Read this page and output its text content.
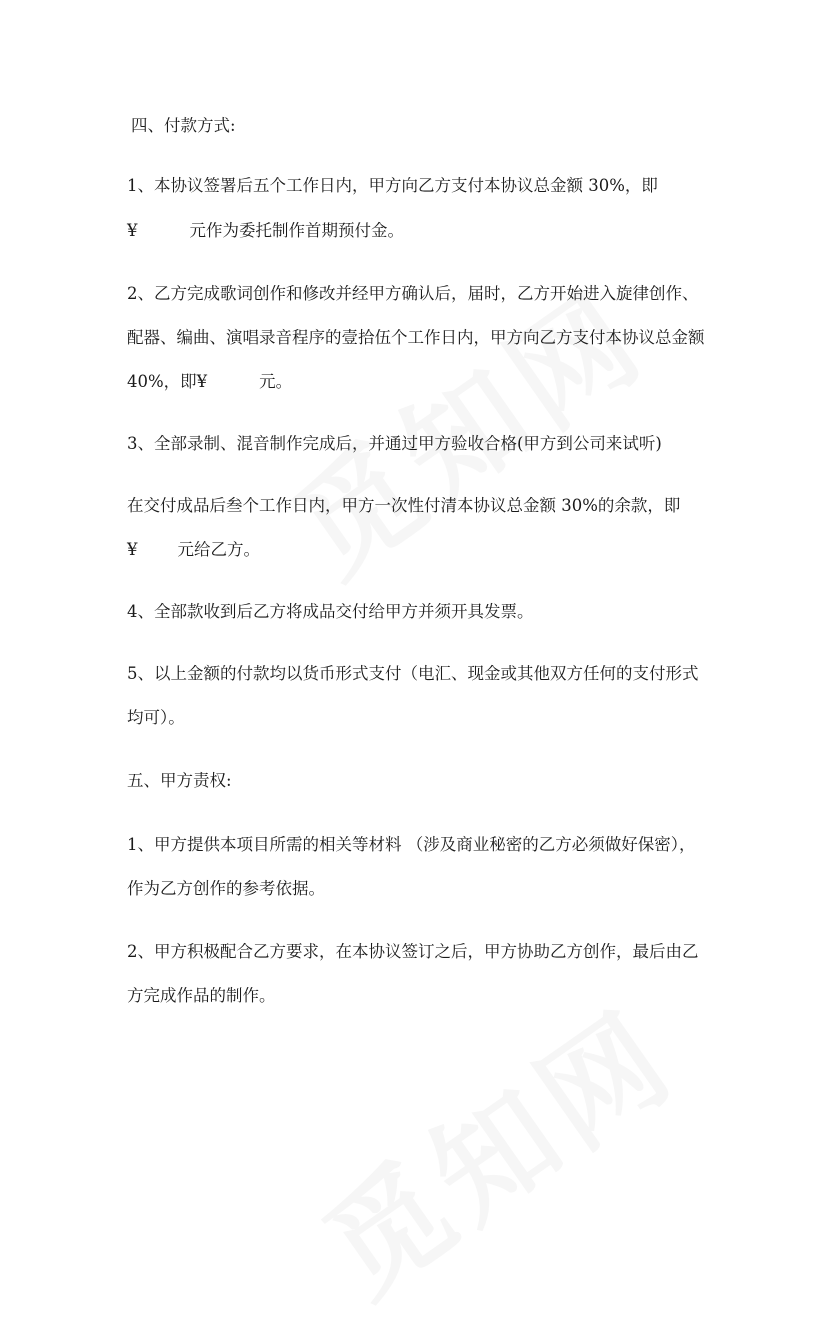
四、付款方式:
1、本协议签署后五个工作日内，甲方向乙方支付本协议总金额 30%，即
¥	元作为委托制作首期预付金。
2、乙方完成歌词创作和修改并经甲方确认后，届时，乙方开始进入旋律创作、
配器、编曲、演唱录音程序的壹拾伍个工作日内，甲方向乙方支付本协议总金额
40%，即¥	元。
3、全部录制、混音制作完成后，并通过甲方验收合格(甲方到公司来试听)
在交付成品后叁个工作日内，甲方一次性付清本协议总金额 30%的余款，即
¥ 元给乙方。
4、全部款收到后乙方将成品交付给甲方并须开具发票。
5、以上金额的付款均以货币形式支付（电汇、现金或其他双方任何的支付形式
均可）。
五、甲方责权:
1、甲方提供本项目所需的相关等材料 （涉及商业秘密的乙方必须做好保密），
作为乙方创作的参考依据。
2、甲方积极配合乙方要求，在本协议签订之后，甲方协助乙方创作，最后由乙
方完成作品的制作。
